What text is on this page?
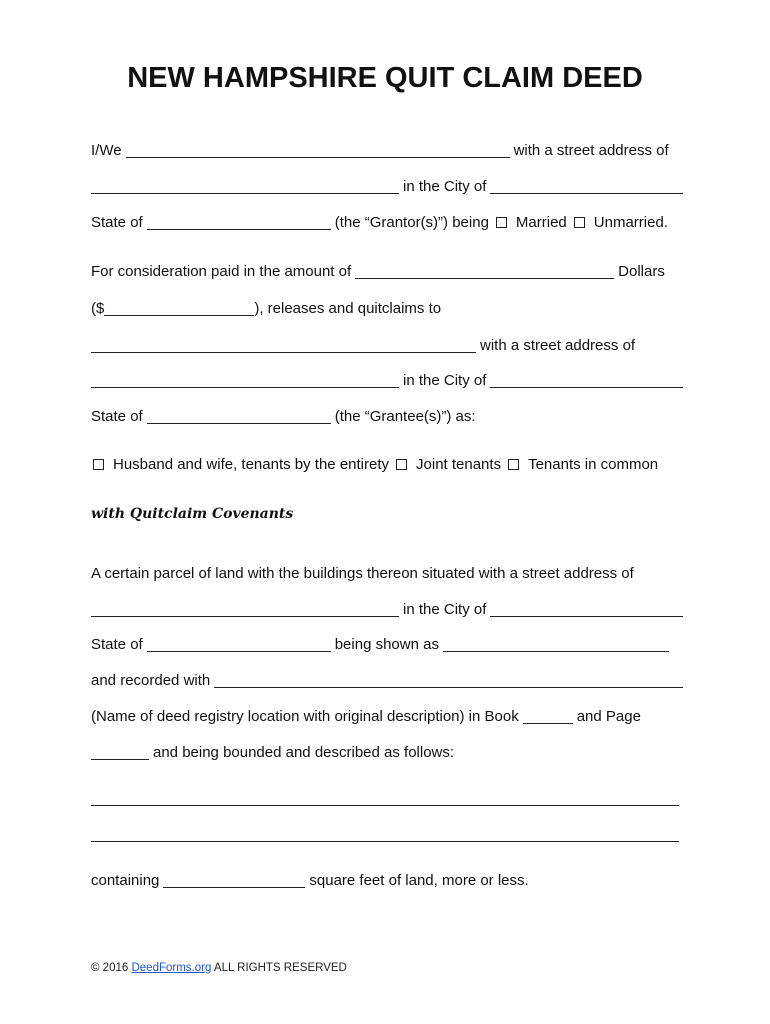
NEW HAMPSHIRE QUIT CLAIM DEED
I/We	with a street address of
in the City of
State of	(the “Grantor(s)”) being Married Unmarried.
For consideration paid in the amount of	Dollars
($	), releases and quitclaims to
with a street address of
in the City of
State of	(the “Grantee(s)”) as:
Husband and wife, tenants by the entirety Joint tenants Tenants in common
with Quitclaim Covenants
A certain parcel of land with the buildings thereon situated with a street address of
in the City of
State of	being shown as
and recorded with
(Name of deed registry location with original description) in Book	and Page
and being bounded and described as follows:
containing	square feet of land, more or less.
© 2016 DeedForms.org ALL RIGHTS RESERVED
